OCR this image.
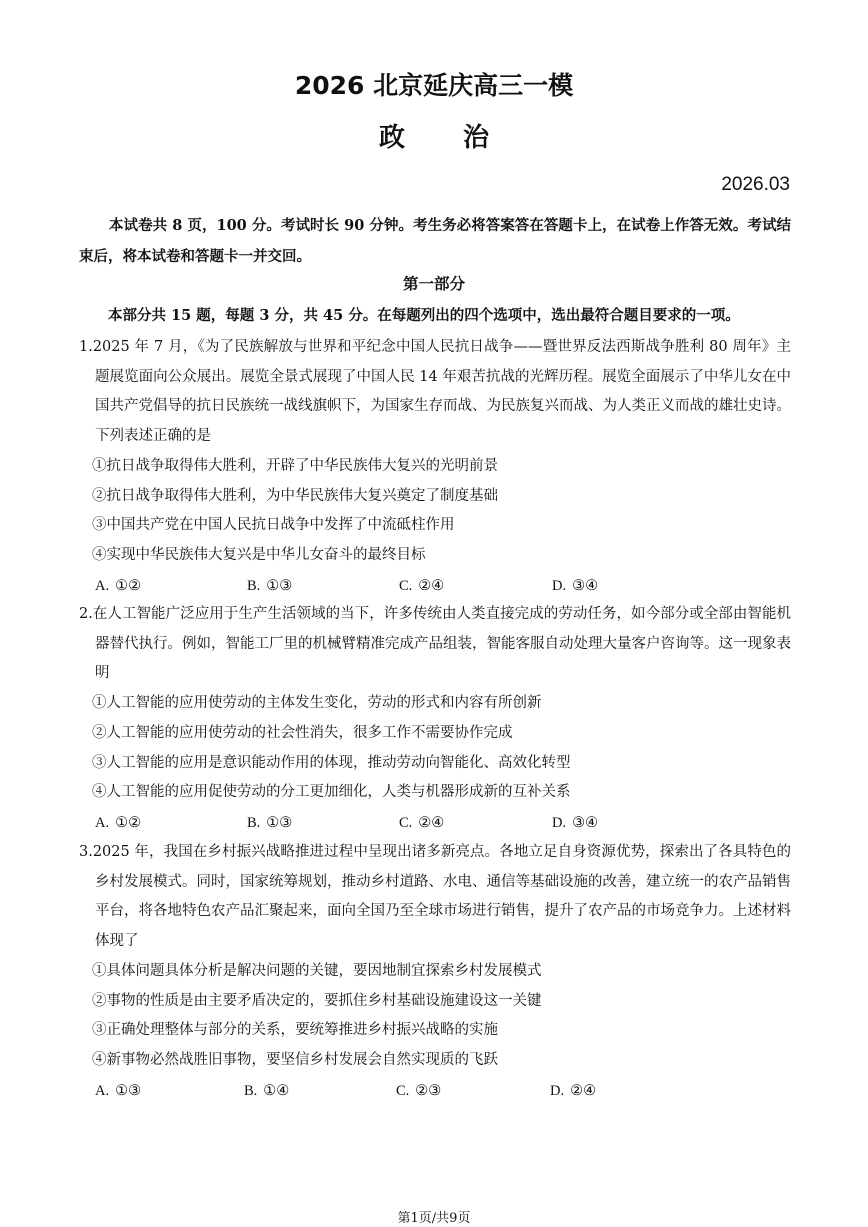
2026 北京延庆高三一模
政治
2026.03
本试卷共 8 页，100 分。考试时长 90 分钟。考生务必将答案答在答题卡上，在试卷上作答无效。考试结束后，将本试卷和答题卡一并交回。
第一部分
本部分共 15 题，每题 3 分，共 45 分。在每题列出的四个选项中，选出最符合题目要求的一项。
1.2025 年 7 月，《为了民族解放与世界和平纪念中国人民抗日战争——暨世界反法西斯战争胜利 80 周年》主题展览面向公众展出。展览全景式展现了中国人民 14 年艰苦抗战的光辉历程。展览全面展示了中华儿女在中国共产党倡导的抗日民族统一战线旗帜下，为国家生存而战、为民族复兴而战、为人类正义而战的雄壮史诗。下列表述正确的是
①抗日战争取得伟大胜利，开辟了中华民族伟大复兴的光明前景
②抗日战争取得伟大胜利，为中华民族伟大复兴奠定了制度基础
③中国共产党在中国人民抗日战争中发挥了中流砥柱作用
④实现中华民族伟大复兴是中华儿女奋斗的最终目标
A. ①②	B. ①③	C. ②④	D. ③④
2.在人工智能广泛应用于生产生活领域的当下，许多传统由人类直接完成的劳动任务，如今部分或全部由智能机器替代执行。例如，智能工厂里的机械臂精准完成产品组装，智能客服自动处理大量客户咨询等。这一现象表明
①人工智能的应用使劳动的主体发生变化，劳动的形式和内容有所创新
②人工智能的应用使劳动的社会性消失，很多工作不需要协作完成
③人工智能的应用是意识能动作用的体现，推动劳动向智能化、高效化转型
④人工智能的应用促使劳动的分工更加细化，人类与机器形成新的互补关系
A. ①②	B. ①③	C. ②④	D. ③④
3.2025 年，我国在乡村振兴战略推进过程中呈现出诸多新亮点。各地立足自身资源优势，探索出了各具特色的乡村发展模式。同时，国家统筹规划，推动乡村道路、水电、通信等基础设施的改善，建立统一的农产品销售平台，将各地特色农产品汇聚起来，面向全国乃至全球市场进行销售，提升了农产品的市场竞争力。上述材料体现了
①具体问题具体分析是解决问题的关键，要因地制宜探索乡村发展模式
②事物的性质是由主要矛盾决定的，要抓住乡村基础设施建设这一关键
③正确处理整体与部分的关系，要统筹推进乡村振兴战略的实施
④新事物必然战胜旧事物，要坚信乡村发展会自然实现质的飞跃
A. ①③	B. ①④	C. ②③	D. ②④
第1页/共9页
